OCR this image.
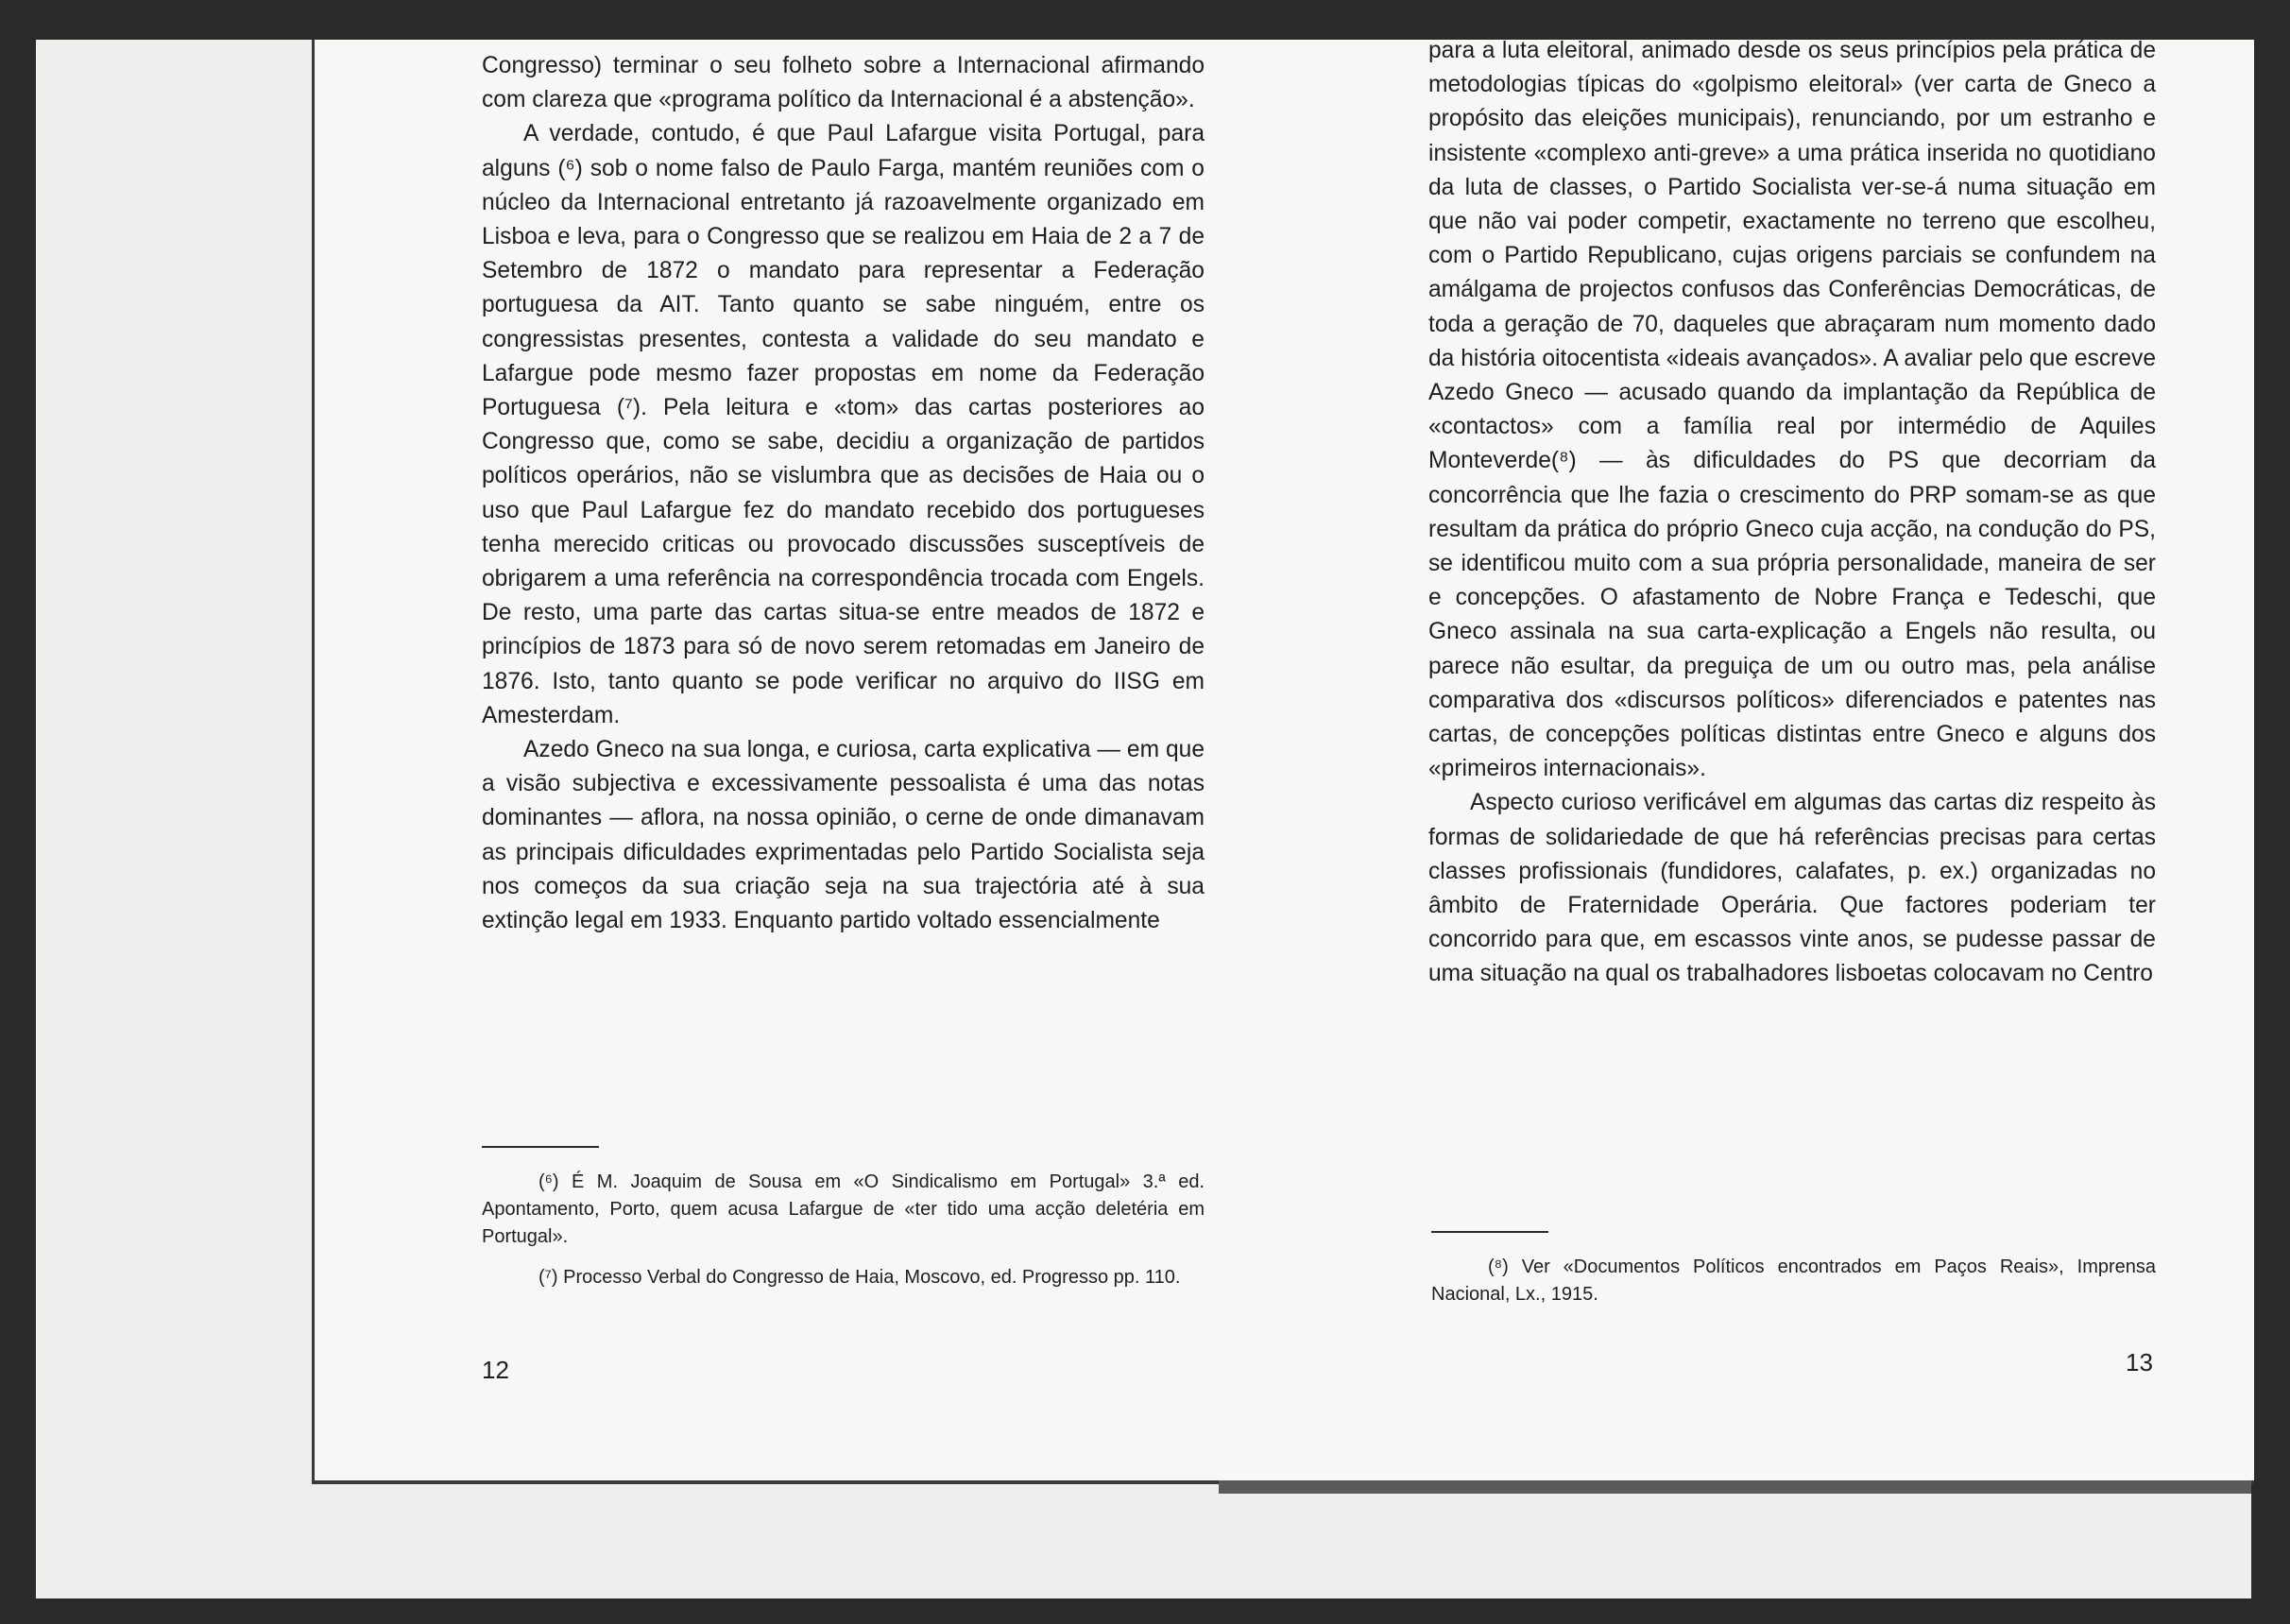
Congresso) terminar o seu folheto sobre a Internacional afirmando com clareza que «programa político da Internacional é a abstenção».

A verdade, contudo, é que Paul Lafargue visita Portugal, para alguns (⁶) sob o nome falso de Paulo Farga, mantém reuniões com o núcleo da Internacional entretanto já razoavelmente organizado em Lisboa e leva, para o Congresso que se realizou em Haia de 2 a 7 de Setembro de 1872 o mandato para representar a Federação portuguesa da AIT. Tanto quanto se sabe ninguém, entre os congressistas presentes, contesta a validade do seu mandato e Lafargue pode mesmo fazer propostas em nome da Federação Portuguesa (⁷). Pela leitura e «tom» das cartas posteriores ao Congresso que, como se sabe, decidiu a organização de partidos políticos operários, não se vislumbra que as decisões de Haia ou o uso que Paul Lafargue fez do mandato recebido dos portugueses tenha merecido criticas ou provocado discussões susceptíveis de obrigarem a uma referência na correspondência trocada com Engels. De resto, uma parte das cartas situa-se entre meados de 1872 e princípios de 1873 para só de novo serem retomadas em Janeiro de 1876. Isto, tanto quanto se pode verificar no arquivo do IISG em Amesterdam.

Azedo Gneco na sua longa, e curiosa, carta explicativa — em que a visão subjectiva e excessivamente pessoalista é uma das notas dominantes — aflora, na nossa opinião, o cerne de onde dimanavam as principais dificuldades exprimentadas pelo Partido Socialista seja nos começos da sua criação seja na sua trajectória até à sua extinção legal em 1933. Enquanto partido voltado essencialmente

(⁶) É M. Joaquim de Sousa em «O Sindicalismo em Portugal» 3.ª ed. Apontamento, Porto, quem acusa Lafargue de «ter tido uma acção deletéria em Portugal».

(⁷) Processo Verbal do Congresso de Haia, Moscovo, ed. Progresso pp. 110.

12

para a luta eleitoral, animado desde os seus princípios pela prática de metodologias típicas do «golpismo eleitoral» (ver carta de Gneco a propósito das eleições municipais), renunciando, por um estranho e insistente «complexo anti-greve» a uma prática inserida no quotidiano da luta de classes, o Partido Socialista ver-se-á numa situação em que não vai poder competir, exactamente no terreno que escolheu, com o Partido Republicano, cujas origens parciais se confundem na amálgama de projectos confusos das Conferências Democráticas, de toda a geração de 70, daqueles que abraçaram num momento dado da história oitocentista «ideais avançados». A avaliar pelo que escreve Azedo Gneco — acusado quando da implantação da República de «contactos» com a família real por intermédio de Aquiles Monteverde(⁸) — às dificuldades do PS que decorriam da concorrência que lhe fazia o crescimento do PRP somam-se as que resultam da prática do próprio Gneco cuja acção, na condução do PS, se identificou muito com a sua própria personalidade, maneira de ser e concepções. O afastamento de Nobre França e Tedeschi, que Gneco assinala na sua carta-explicação a Engels não resulta, ou parece não esultar, da preguiça de um ou outro mas, pela análise comparativa dos «discursos políticos» diferenciados e patentes nas cartas, de concepções políticas distintas entre Gneco e alguns dos «primeiros internacionais».

Aspecto curioso verificável em algumas das cartas diz respeito às formas de solidariedade de que há referências precisas para certas classes profissionais (fundidores, calafates, p. ex.) organizadas no âmbito de Fraternidade Operária. Que factores poderiam ter concorrido para que, em escassos vinte anos, se pudesse passar de uma situação na qual os trabalhadores lisboetas colocavam no Centro

(⁸) Ver «Documentos Políticos encontrados em Paços Reais», Imprensa Nacional, Lx., 1915.

13
